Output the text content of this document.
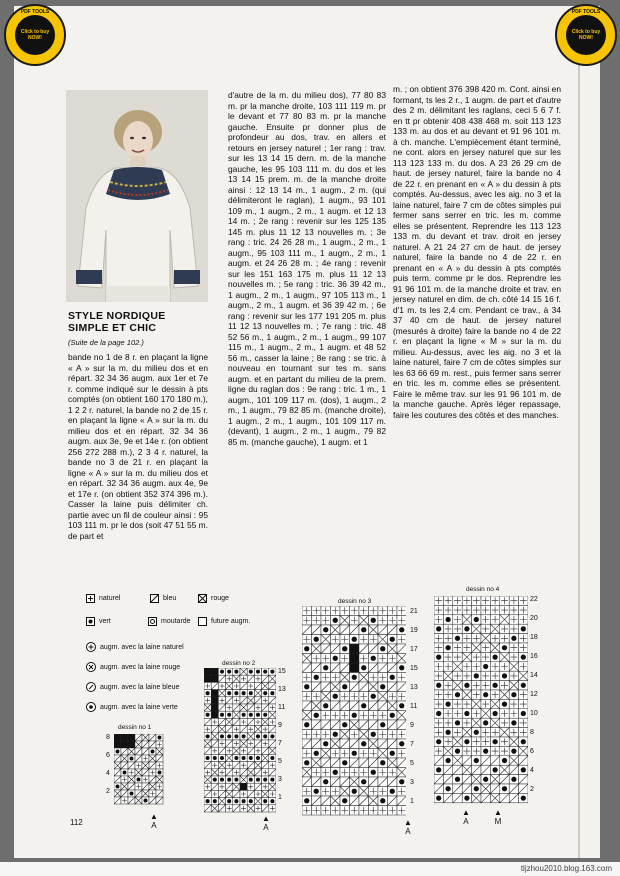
PDF TOOLS
Click to buy NOW!
PDF TOOLS
Click to buy NOW!
STYLE NORDIQUE
SIMPLE ET CHIC
(Suite de la page 102.)
bande no 1 de 8 r. en plaçant la ligne « A » sur la m. du milieu dos et en répart. 32 34 36 augm. aux 1er et 7e r. comme indiqué sur le dessin à pts comptés (on obtient 160 170 180 m.), 1 2 2 r. naturel, la bande no 2 de 15 r. en plaçant la ligne « A » sur la m. du milieu dos et en répart. 32 34 36 augm. aux 3e, 9e et 14e r. (on obtient 256 272 288 m.), 2 3 4 r. naturel, la bande no 3 de 21 r. en plaçant la ligne « A » sur la m. du milieu dos et en répart. 32 34 36 augm. aux 4e, 9e et 17e r. (on obtient 352 374 396 m.). Casser la laine puis délimiter ch. partie avec un fil de couleur ainsi : 95 103 111 m. pr le dos (soit 47 51 55 m. de part et
d'autre de la m. du milieu dos), 77 80 83 m. pr la manche droite, 103 111 119 m. pr le devant et 77 80 83 m. pr la manche gauche. Ensuite pr donner plus de profondeur au dos, trav. en allers et retours en jersey naturel ; 1er rang : trav. sur les 13 14 15 dern. m. de la manche gauche, les 95 103 111 m. du dos et les 13 14 15 prem. m. de la manche droite ainsi : 12 13 14 m., 1 augm., 2 m. (qui délimiteront le raglan), 1 augm., 93 101 109 m., 1 augm., 2 m., 1 augm. et 12 13 14 m. ; 2e rang : revenir sur les 125 135 145 m. plus 11 12 13 nouvelles m. ; 3e rang : tric. 24 26 28 m., 1 augm., 2 m., 1 augm., 95 103 111 m., 1 augm., 2 m., 1 augm. et 24 26 28 m. ; 4e rang : revenir sur les 151 163 175 m. plus 11 12 13 nouvelles m. ; 5e rang : tric. 36 39 42 m., 1 augm., 2 m., 1 augm., 97 105 113 m., 1 augm., 2 m., 1 augm. et 36 39 42 m. ; 6e rang : revenir sur les 177 191 205 m. plus 11 12 13 nouvelles m. ; 7e rang : tric. 48 52 56 m., 1 augm., 2 m., 1 augm., 99 107 115 m., 1 augm., 2 m., 1 augm. et 48 52 56 m., casser la laine ; 8e rang : se tric. à nouveau en tournant sur tes m. sans augm. et en partant du milieu de la prem. ligne du raglan dos : 9e rang : tric. 1 m., 1 augm., 101 109 117 m. (dos), 1 augm., 2 m., 1 augm., 79 82 85 m. (manche droite), 1 augm., 2 m., 1 augm., 101 109 117 m. (devant), 1 augm., 2 m., 1 augm., 79 82 85 m. (manche gauche), 1 augm. et 1
m. ; on obtient 376 398 420 m. Cont. ainsi en formant, ts les 2 r., 1 augm. de part et d'autre des 2 m. délimitant les raglans, ceci 5 6 7 f. en tt pr obtenir 408 438 468 m. soit 113 123 133 m. au dos et au devant et 91 96 101 m. à ch. manche. L'empiècement étant terminé, ne cont. alors en jersey naturel que sur les 113 123 133 m. du dos. A 23 26 29 cm de haut. de jersey naturel, faire la bande no 4 de 22 r. en prenant en « A » du dessin à pts comptés. Au-dessus, avec les aig. no 3 et la laine naturel, faire 7 cm de côtes simples pui fermer sans serrer en tric. les m. comme elles se présentent. Reprendre les 113 123 133 m. du devant et trav. droit en jersey naturel. A 21 24 27 cm de haut. de jersey naturel, faire la bande no 4 de 22 r. en prenant en « A » du dessin à pts comptés puis term. comme pr le dos. Reprendre les 91 96 101 m. de la manche droite et trav. en jersey naturel en dim. de ch. côté 14 15 16 f. d'1 m. ts les 2,4 cm. Pendant ce trav., à 34 37 40 cm de haut. de jersey naturel (mesurés à droite) faire la bande no 4 de 22 r. en plaçant la ligne « M » sur la m. du milieu. Au-dessus, avec les aig. no 3 et la laine naturel, faire 7 cm de côtes simples sur les 63 66 69 m. rest., puis fermer sans serrer en tric. les m. comme elles se présentent. Faire le même trav. sur les 91 96 101 m. de la manche gauche. Après léger repassage, faire les coutures des côtés et des manches.
naturel	bleu	rouge
vert	moutarde	future augm.
augm. avec la laine naturel
augm. avec la laine rouge
augm. avec la laine bleue
augm. avec la laine verte
dessin no 1
8
6
4
2
▲
A
dessin no 2
15
13
11
9
7
5
3
1
▲
A
dessin no 3
21
19
17
15
13
11
9
7
5
3
1
▲
A
dessin no 4
22
20
18
16
14
12
10
8
6
4
2
▲
A
▲
M
112
tljzhou2010.blog.163.com
